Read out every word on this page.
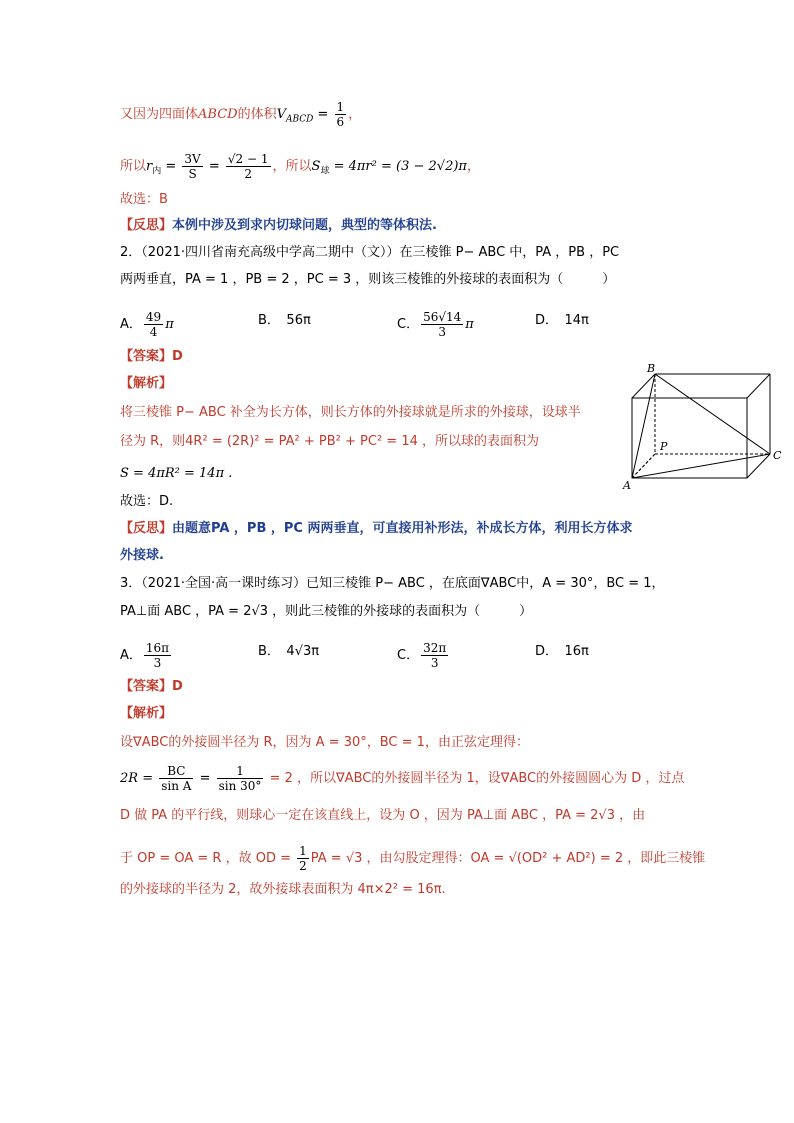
又因为四面体ABCD的体积$V_{ABCD} = \frac{1}{6}$ ，
所以$r_内 = \frac{3V}{S} = \frac{√2 - 1}{2}$ ，所以$S_球 = 4\pi r^2 = (3 - 2√2)\pi$，
故选：B
【反思】本例中涉及到求内切球问题，典型的等体积法.
2．（2021·四川省南充高级中学高二期中（文））在三棱锥 P− ABC 中，PA ，PB ，PC
两两垂直，PA = 1 ，PB = 2 ，PC = 3 ，则该三棱锥的外接球的表面积为（　　　）
A． $\frac{49}{4}$ π	B．　56π	C． $\frac{56√14}{3}$ π	D．　14π
【答案】D
【解析】
将三棱锥 P− ABC 补全为长方体，则长方体的外接球就是所求的外接球，设球半
径为 R，则4R² = (2R)² = PA² + PB² + PC² = 14 ，所以球的表面积为
S = 4πR² = 14π .
故选：D.
【反思】由题意PA ，PB ，PC 两两垂直，可直接用补形法，补成长方体，利用长方体求
外接球.
B
P
C
A
3．（2021·全国·高一课时练习）已知三棱锥 P− ABC ，在底面∇ABC中，A = 30°，BC = 1，
PA⊥面 ABC ，PA = 2√3 ，则此三棱锥的外接球的表面积为（　　　）
A． $\frac{16\pi}{3}$	B．　4√3π	C． $\frac{32\pi}{3}$	D．　16π
【答案】D
【解析】
设∇ABC的外接圆半径为 R，因为 A = 30°，BC = 1，由正弦定理得：
$2R = \frac{BC}{\text{sin A}} = \frac{1}{\sin 30^\circ} = 2$ ，所以∇ABC的外接圆半径为 1，设∇ABC的外接圆圆心为 D ，过点
D 做 PA 的平行线，则球心一定在该直线上，设为 O ，因为 PA⊥面 ABC ，PA = 2√3 ，由
于 OP = OA = R ，故 OD = $\frac{1}{2}$ PA = √3 ，由勾股定理得：OA = √(OD² + AD²) = 2 ，即此三棱锥
的外接球的半径为 2，故外接球表面积为 4π×2² = 16π.
